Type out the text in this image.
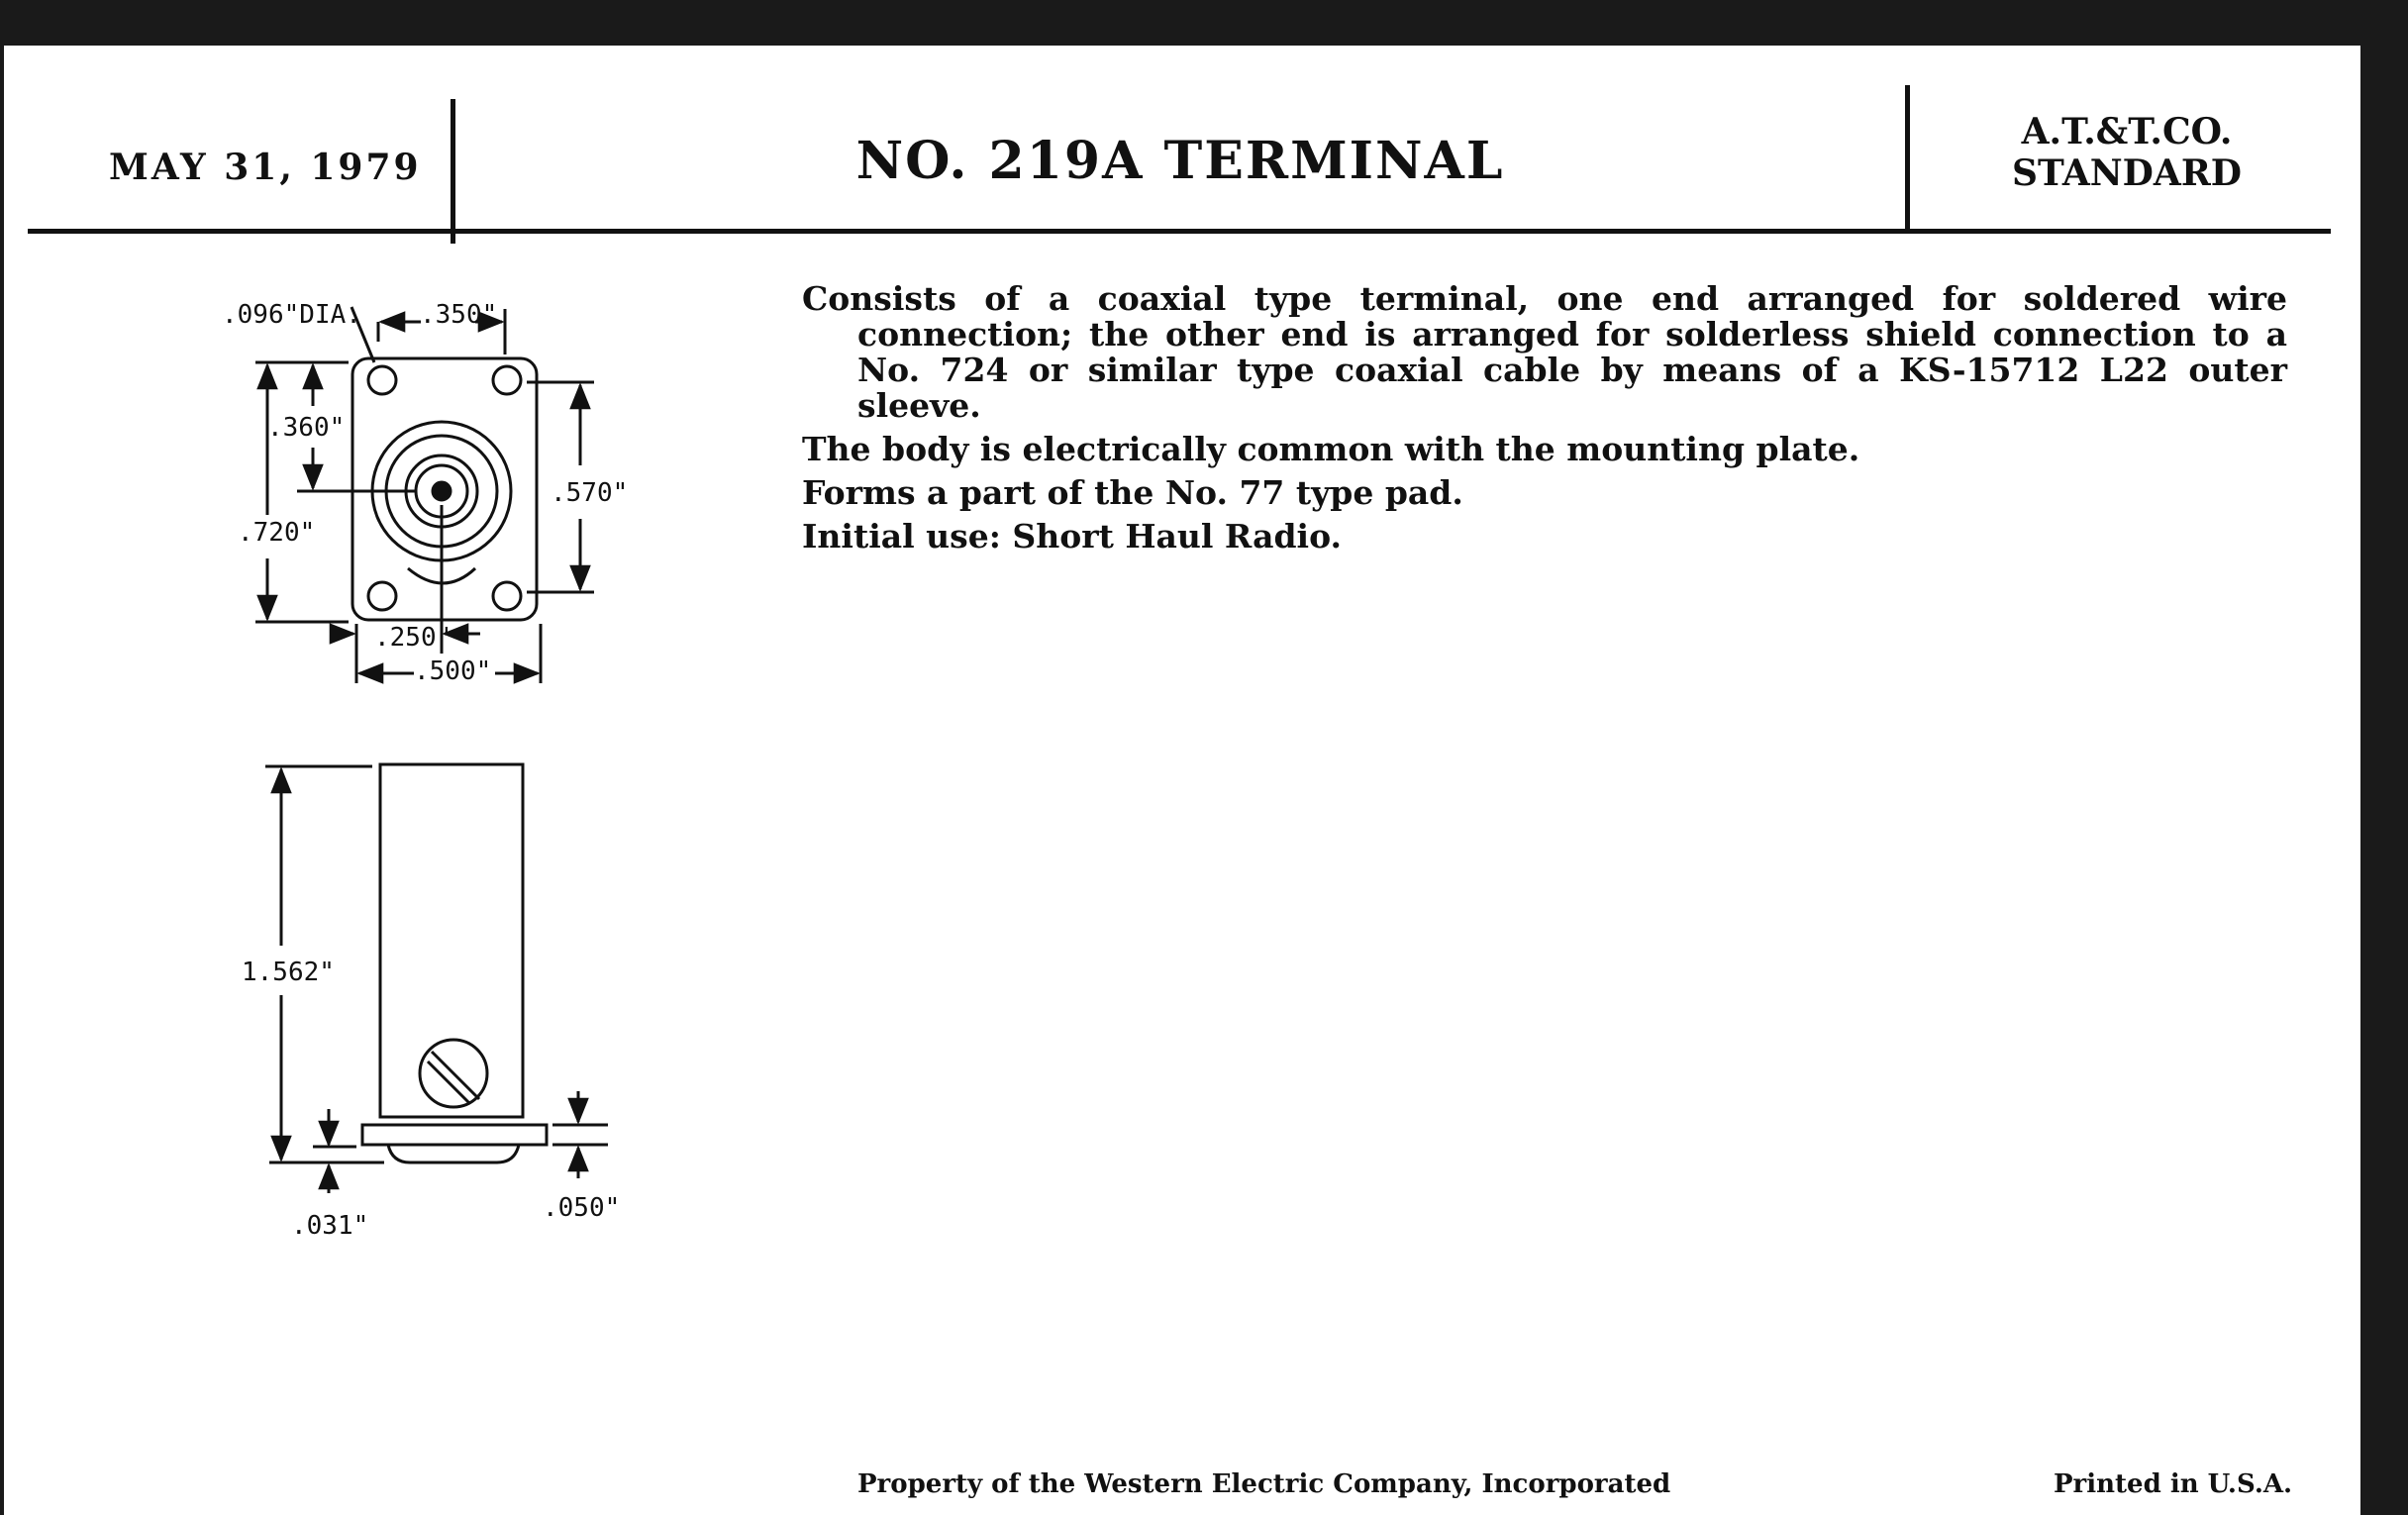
MAY 31, 1979	NO. 219A TERMINAL	A.T.&T.CO.
STANDARD

Consists of a coaxial type terminal, one end arranged for soldered wire connection; the other end is arranged for solderless shield connection to a No. 724 or similar type coaxial cable by means of a KS-15712 L22 outer sleeve.

The body is electrically common with the mounting plate.

Forms a part of the No. 77 type pad.

Initial use: Short Haul Radio.

.096"DIA. .350"
.360"
.720"
.570"
.250"
.500"
1.562"
.031"
.050"
Property of the Western Electric Company, Incorporated	Printed in U.S.A.
